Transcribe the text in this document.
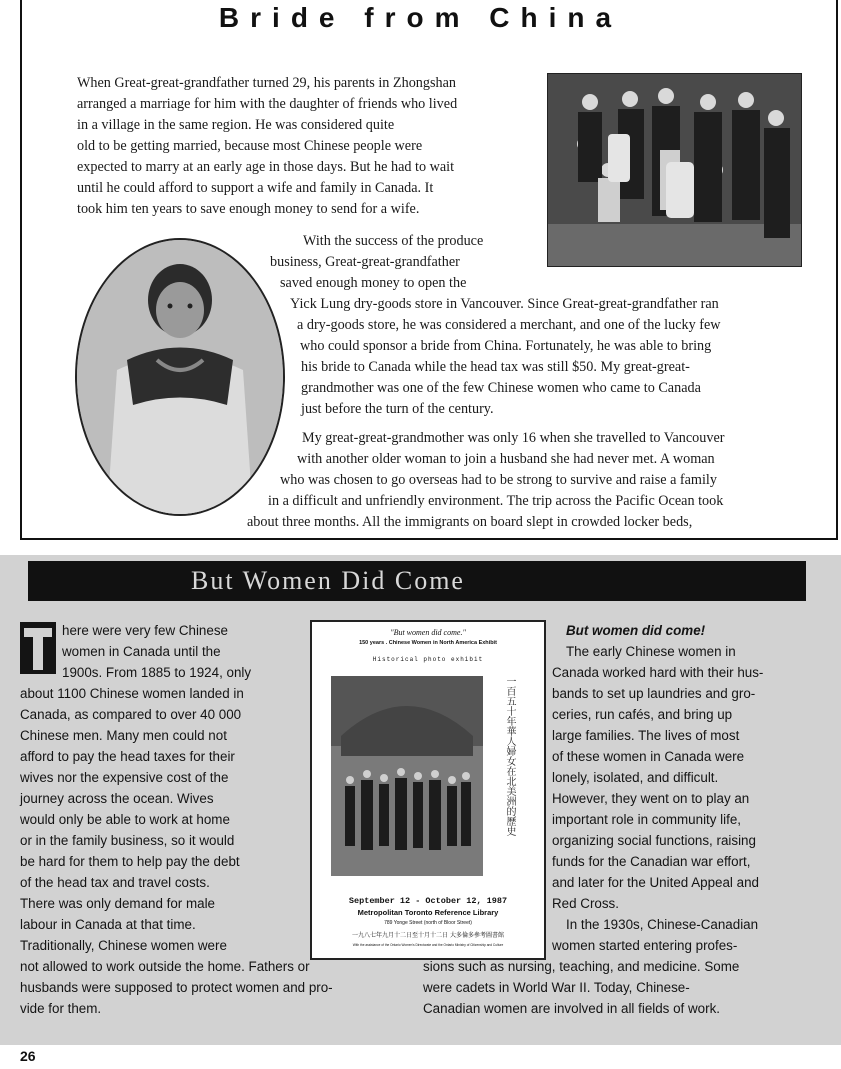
Bride from China
When Great-great-grandfather turned 29, his parents in Zhongshan
arranged a marriage for him with the daughter of friends who lived
in a village in the same region. He was considered quite
old to be getting married, because most Chinese people were
expected to marry at an early age in those days. But he had to wait
until he could afford to support a wife and family in Canada. It
took him ten years to save enough money to send for a wife.
With the success of the produce
business, Great-great-grandfather
saved enough money to open the
Yick Lung dry-goods store in Vancouver. Since Great-great-grandfather ran
a dry-goods store, he was considered a merchant, and one of the lucky few
who could sponsor a bride from China. Fortunately, he was able to bring
his bride to Canada while the head tax was still $50. My great-great-
grandmother was one of the few Chinese women who came to Canada
just before the turn of the century.
My great-great-grandmother was only 16 when she travelled to Vancouver
with another older woman to join a husband she had never met. A woman
who was chosen to go overseas had to be strong to survive and raise a family
in a difficult and unfriendly environment. The trip across the Pacific Ocean took
about three months. All the immigrants on board slept in crowded locker beds,
But Women Did Come
here were very few Chinese
women in Canada until the
1900s. From 1885 to 1924, only
about 1100 Chinese women landed in
Canada, as compared to over 40 000
Chinese men. Many men could not
afford to pay the head taxes for their
wives nor the expensive cost of the
journey across the ocean. Wives
would only be able to work at home
or in the family business, so it would
be hard for them to help pay the debt
of the head tax and travel costs.
There was only demand for male
labour in Canada at that time.
Traditionally, Chinese women were
not allowed to work outside the home. Fathers or
husbands were supposed to protect women and pro-
vide for them.
"But women did come."
150 years . Chinese Women in North America Exhibit
Historical photo exhibit
一百五十年華人婦女在北美洲的歷史
September 12 - October 12, 1987
Metropolitan Toronto Reference Library
789 Yonge Street (north of Bloor Street)
一九八七年九月十二日至十月十二日 大多倫多參考圖書館
With the assistance of the Ontario Women's Directorate and the Ontario Ministry of Citizenship and Culture
But women did come!
The early Chinese women in
Canada worked hard with their hus-
bands to set up laundries and gro-
ceries, run cafés, and bring up
large families. The lives of most
of these women in Canada were
lonely, isolated, and difficult.
However, they went on to play an
important role in community life,
organizing social functions, raising
funds for the Canadian war effort,
and later for the United Appeal and
Red Cross.
In the 1930s, Chinese-Canadian
women started entering profes-
sions such as nursing, teaching, and medicine. Some
were cadets in World War II. Today, Chinese-
Canadian women are involved in all fields of work.
26
